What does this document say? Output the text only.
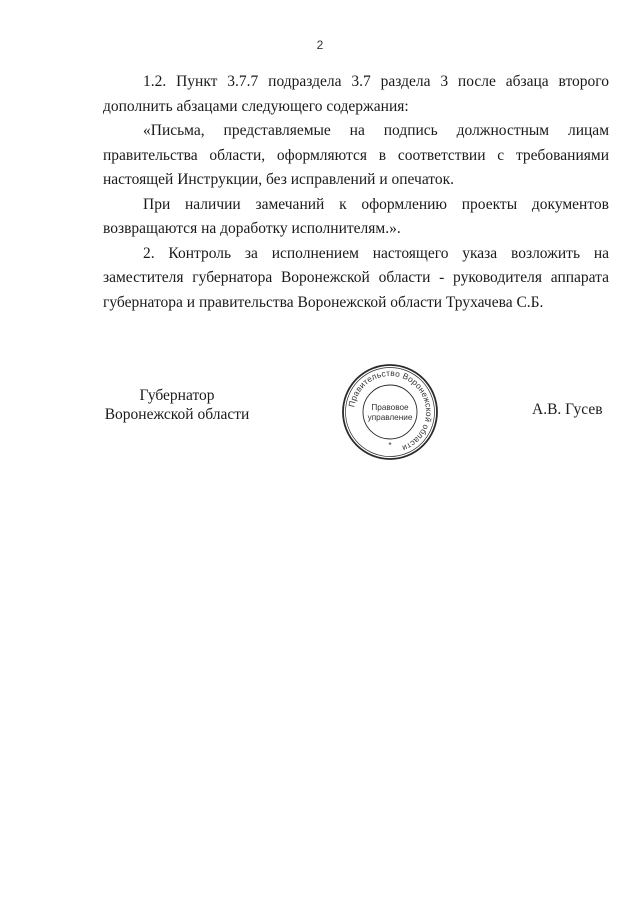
2

1.2. Пункт 3.7.7 подраздела 3.7 раздела 3 после абзаца второго дополнить абзацами следующего содержания:

«Письма, представляемые на подпись должностным лицам правительства области, оформляются в соответствии с требованиями настоящей Инструкции, без исправлений и опечаток.

При наличии замечаний к оформлению проекты документов возвращаются на доработку исполнителям.».

2. Контроль за исполнением настоящего указа возложить на заместителя губернатора Воронежской области - руководителя аппарата губернатора и правительства Воронежской области Трухачева С.Б.

Губернатор
Воронежской области	А.В. Гусев
Правительство Воронежской области
Правовое
управление
*
